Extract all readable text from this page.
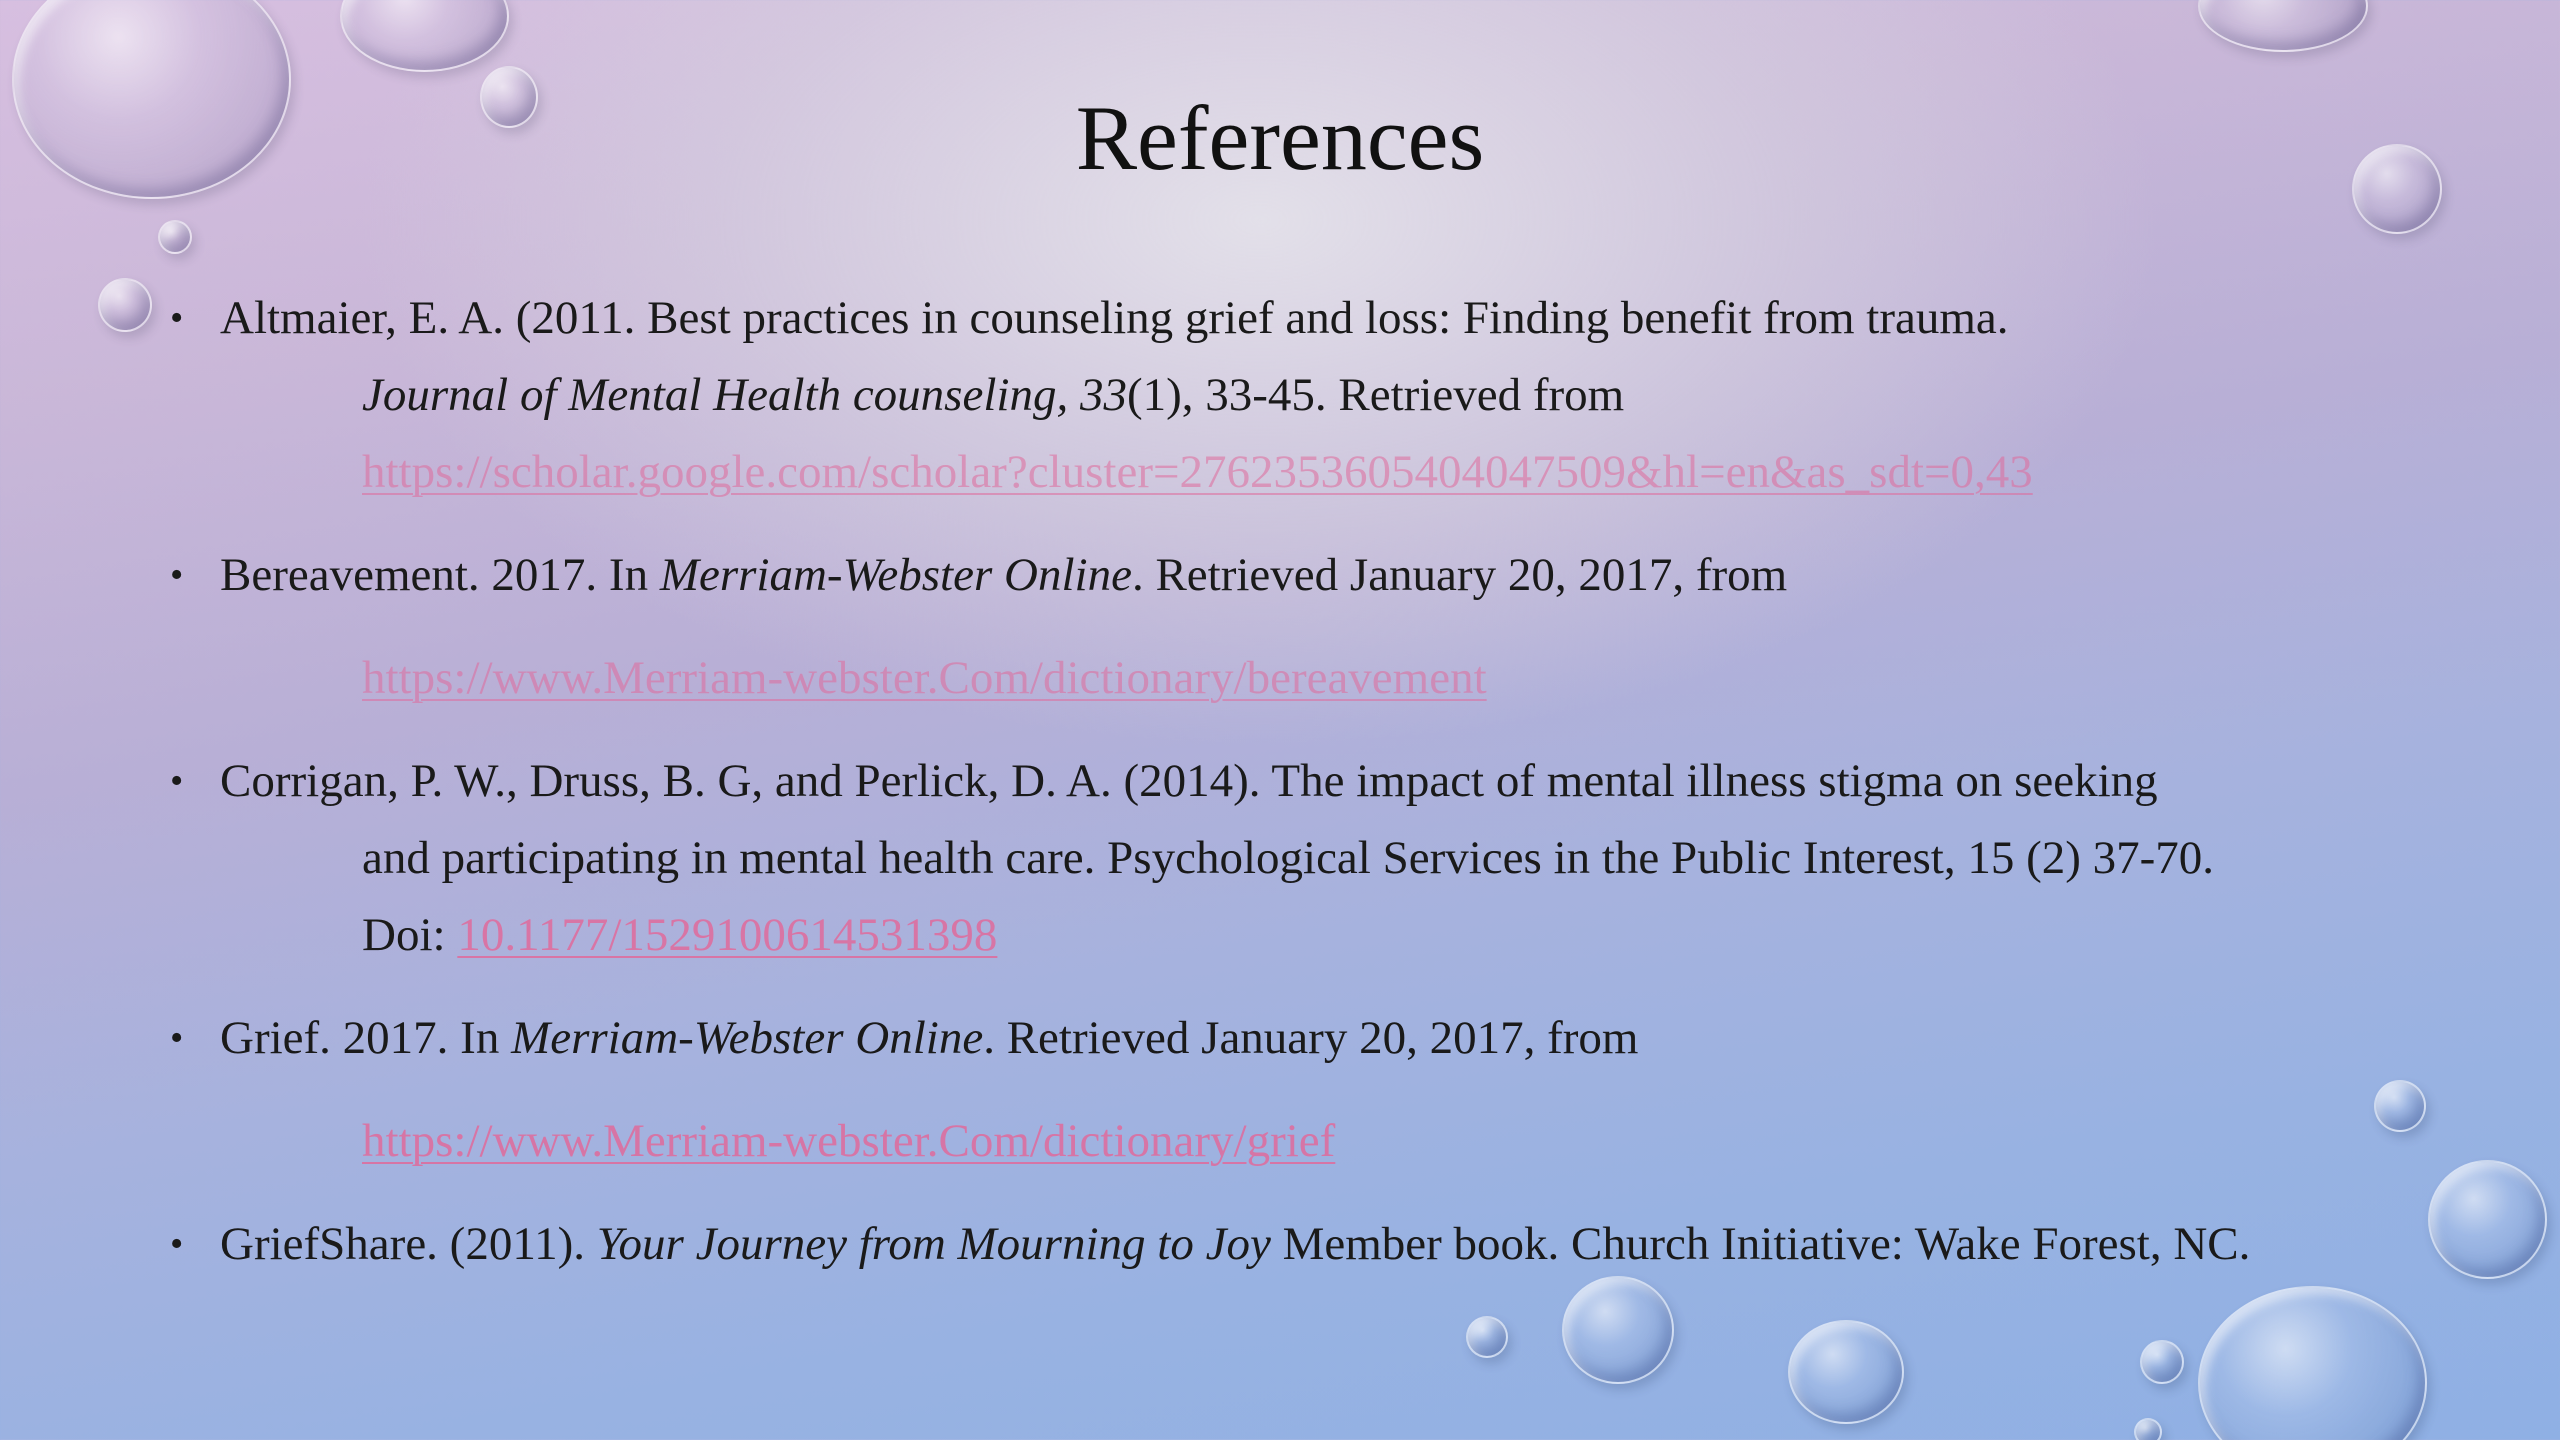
References
• Altmaier, E. A. (2011. Best practices in counseling grief and loss: Finding benefit from trauma.
Journal of Mental Health counseling, 33(1), 33-45. Retrieved from
https://scholar.google.com/scholar?cluster=2762353605404047509&hl=en&as_sdt=0,43
• Bereavement. 2017. In Merriam-Webster Online. Retrieved January 20, 2017, from
https://www.Merriam-webster.Com/dictionary/bereavement
• Corrigan, P. W., Druss, B. G, and Perlick, D. A. (2014). The impact of mental illness stigma on seeking
and participating in mental health care. Psychological Services in the Public Interest, 15 (2) 37-70.
Doi: 10.1177/1529100614531398
• Grief. 2017. In Merriam-Webster Online. Retrieved January 20, 2017, from
https://www.Merriam-webster.Com/dictionary/grief
• GriefShare. (2011). Your Journey from Mourning to Joy Member book. Church Initiative: Wake Forest, NC.
